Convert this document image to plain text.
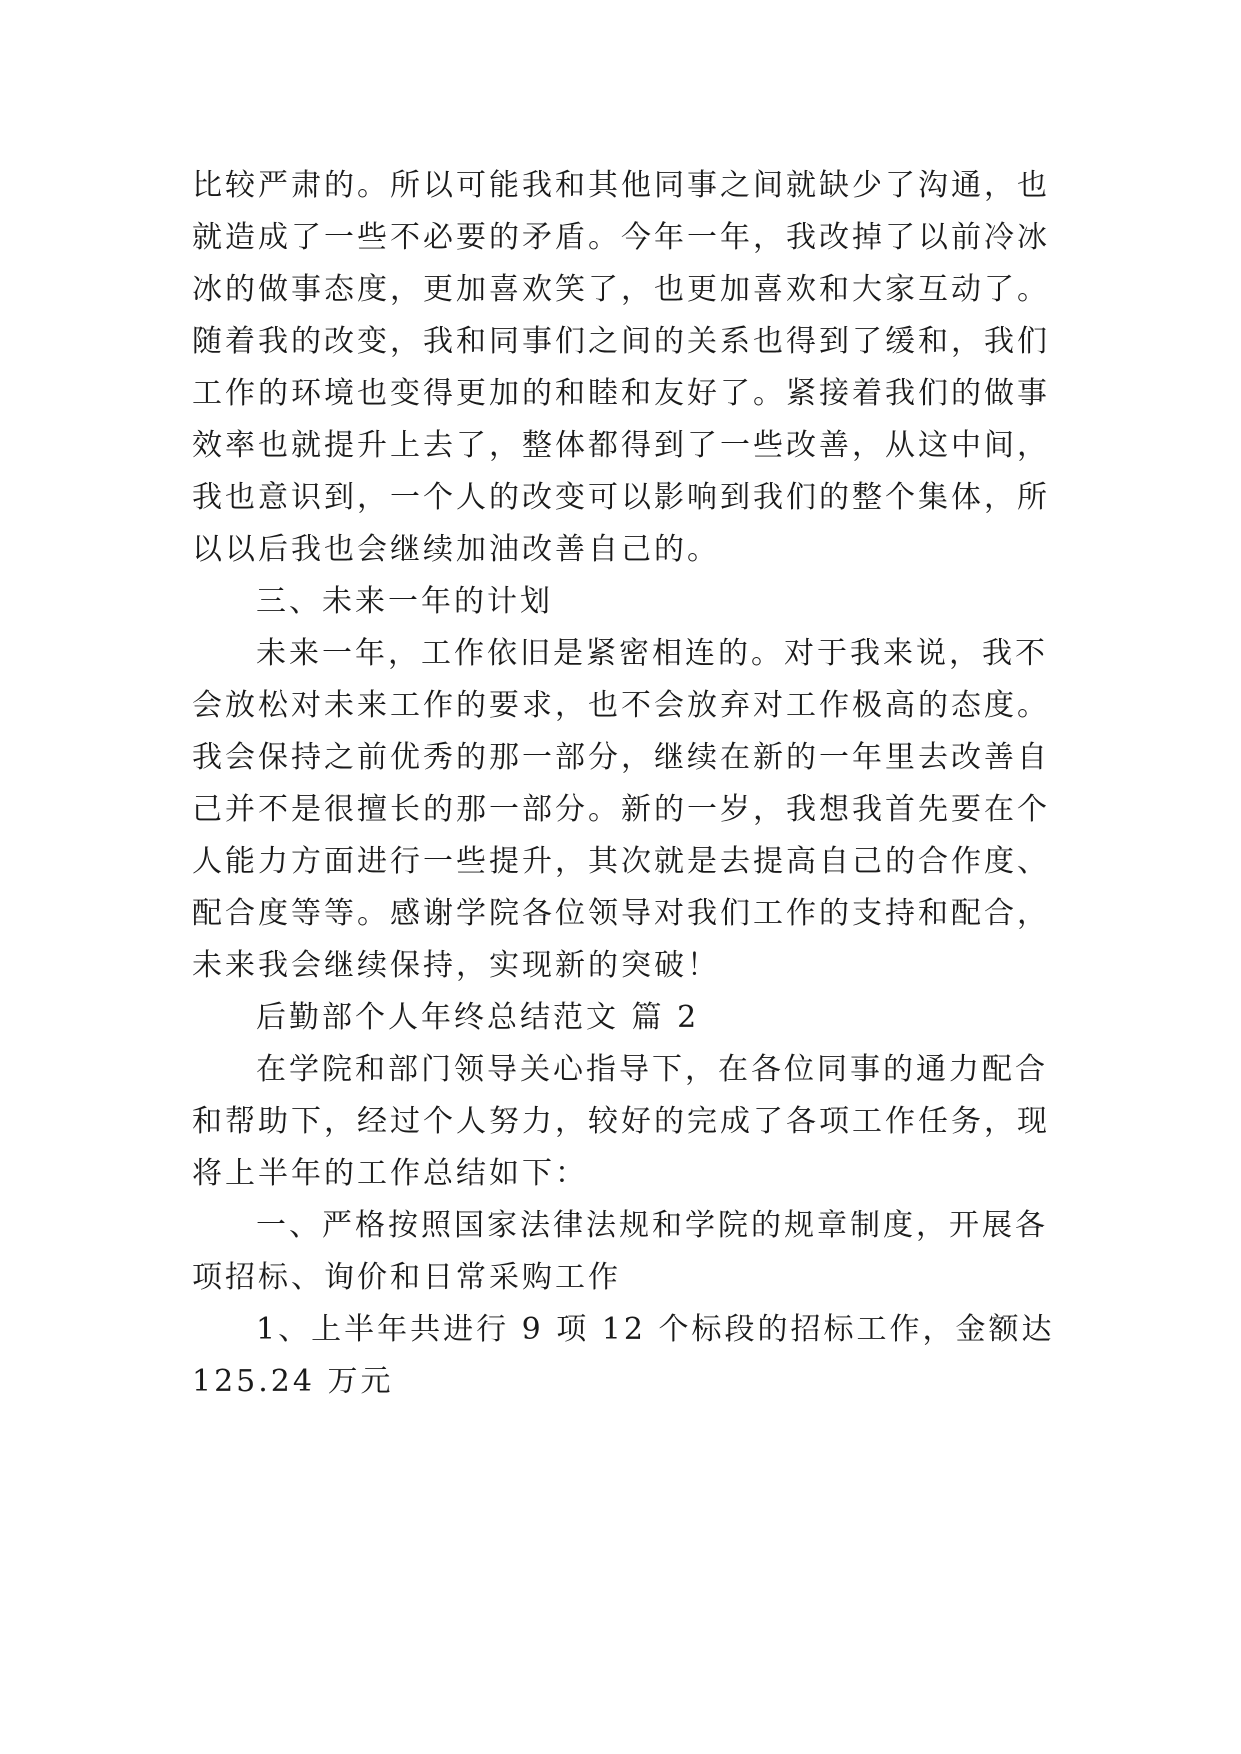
比较严肃的。所以可能我和其他同事之间就缺少了沟通，也
就造成了一些不必要的矛盾。今年一年，我改掉了以前冷冰
冰的做事态度，更加喜欢笑了，也更加喜欢和大家互动了。
随着我的改变，我和同事们之间的关系也得到了缓和，我们
工作的环境也变得更加的和睦和友好了。紧接着我们的做事
效率也就提升上去了，整体都得到了一些改善，从这中间，
我也意识到，一个人的改变可以影响到我们的整个集体，所
以以后我也会继续加油改善自己的。
三、未来一年的计划
未来一年，工作依旧是紧密相连的。对于我来说，我不
会放松对未来工作的要求，也不会放弃对工作极高的态度。
我会保持之前优秀的那一部分，继续在新的一年里去改善自
己并不是很擅长的那一部分。新的一岁，我想我首先要在个
人能力方面进行一些提升，其次就是去提高自己的合作度、
配合度等等。感谢学院各位领导对我们工作的支持和配合，
未来我会继续保持，实现新的突破！
后勤部个人年终总结范文 篇 2
在学院和部门领导关心指导下，在各位同事的通力配合
和帮助下，经过个人努力，较好的完成了各项工作任务，现
将上半年的工作总结如下：
一、严格按照国家法律法规和学院的规章制度，开展各
项招标、询价和日常采购工作
1、上半年共进行 9 项 12 个标段的招标工作，金额达
125.24 万元
